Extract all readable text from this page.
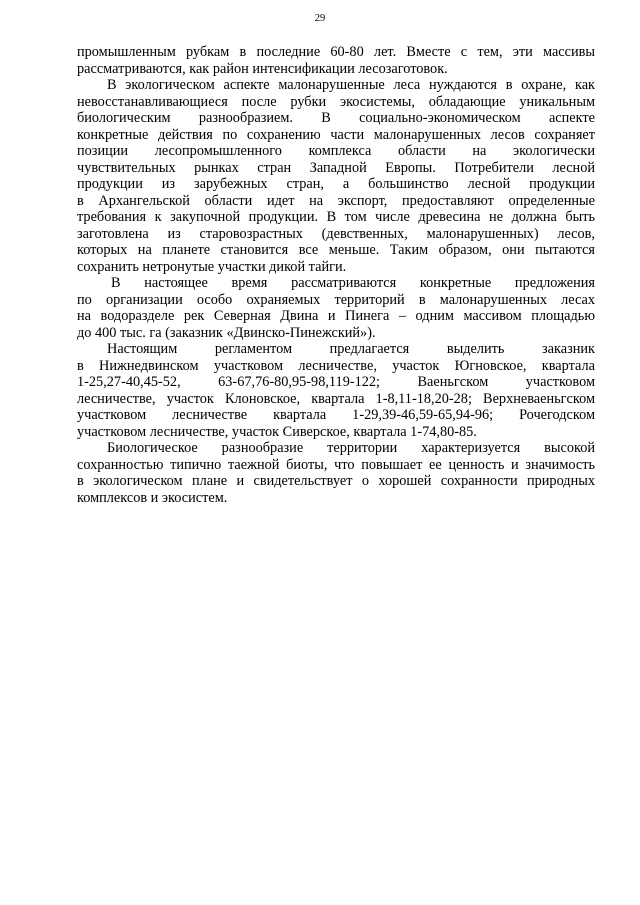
29
промышленным рубкам в последние 60-80 лет. Вместе с тем, эти массивы
рассматриваются, как район интенсификации лесозаготовок.
В экологическом аспекте малонарушенные леса нуждаются в охране, как
невосстанавливающиеся после рубки экосистемы, обладающие уникальным
биологическим разнообразием. В социально-экономическом аспекте
конкретные действия по сохранению части малонарушенных лесов сохраняет
позиции лесопромышленного комплекса области на экологически
чувствительных рынках стран Западной Европы. Потребители лесной
продукции из зарубежных стран, а большинство лесной продукции
в Архангельской области идет на экспорт, предоставляют определенные
требования к закупочной продукции. В том числе древесина не должна быть
заготовлена из старовозрастных (девственных, малонарушенных) лесов,
которых на планете становится все меньше. Таким образом, они пытаются
сохранить нетронутые участки дикой тайги.
В настоящее время рассматриваются конкретные предложения
по организации особо охраняемых территорий в малонарушенных лесах
на водоразделе рек Северная Двина и Пинега – одним массивом площадью
до 400 тыс. га (заказник «Двинско-Пинежский»).
Настоящим регламентом предлагается выделить заказник
в Нижнедвинском участковом лесничестве, участок Югновское, квартала
1-25,27-40,45-52, 63-67,76-80,95-98,119-122; Ваеньгском участковом
лесничестве, участок Клоновское, квартала 1-8,11-18,20-28; Верхневаеньгском
участковом лесничестве квартала 1-29,39-46,59-65,94-96; Рочегодском
участковом лесничестве, участок Сиверское, квартала 1-74,80-85.
Биологическое разнообразие территории характеризуется высокой
сохранностью типично таежной биоты, что повышает ее ценность и значимость
в экологическом плане и свидетельствует о хорошей сохранности природных
комплексов и экосистем.
